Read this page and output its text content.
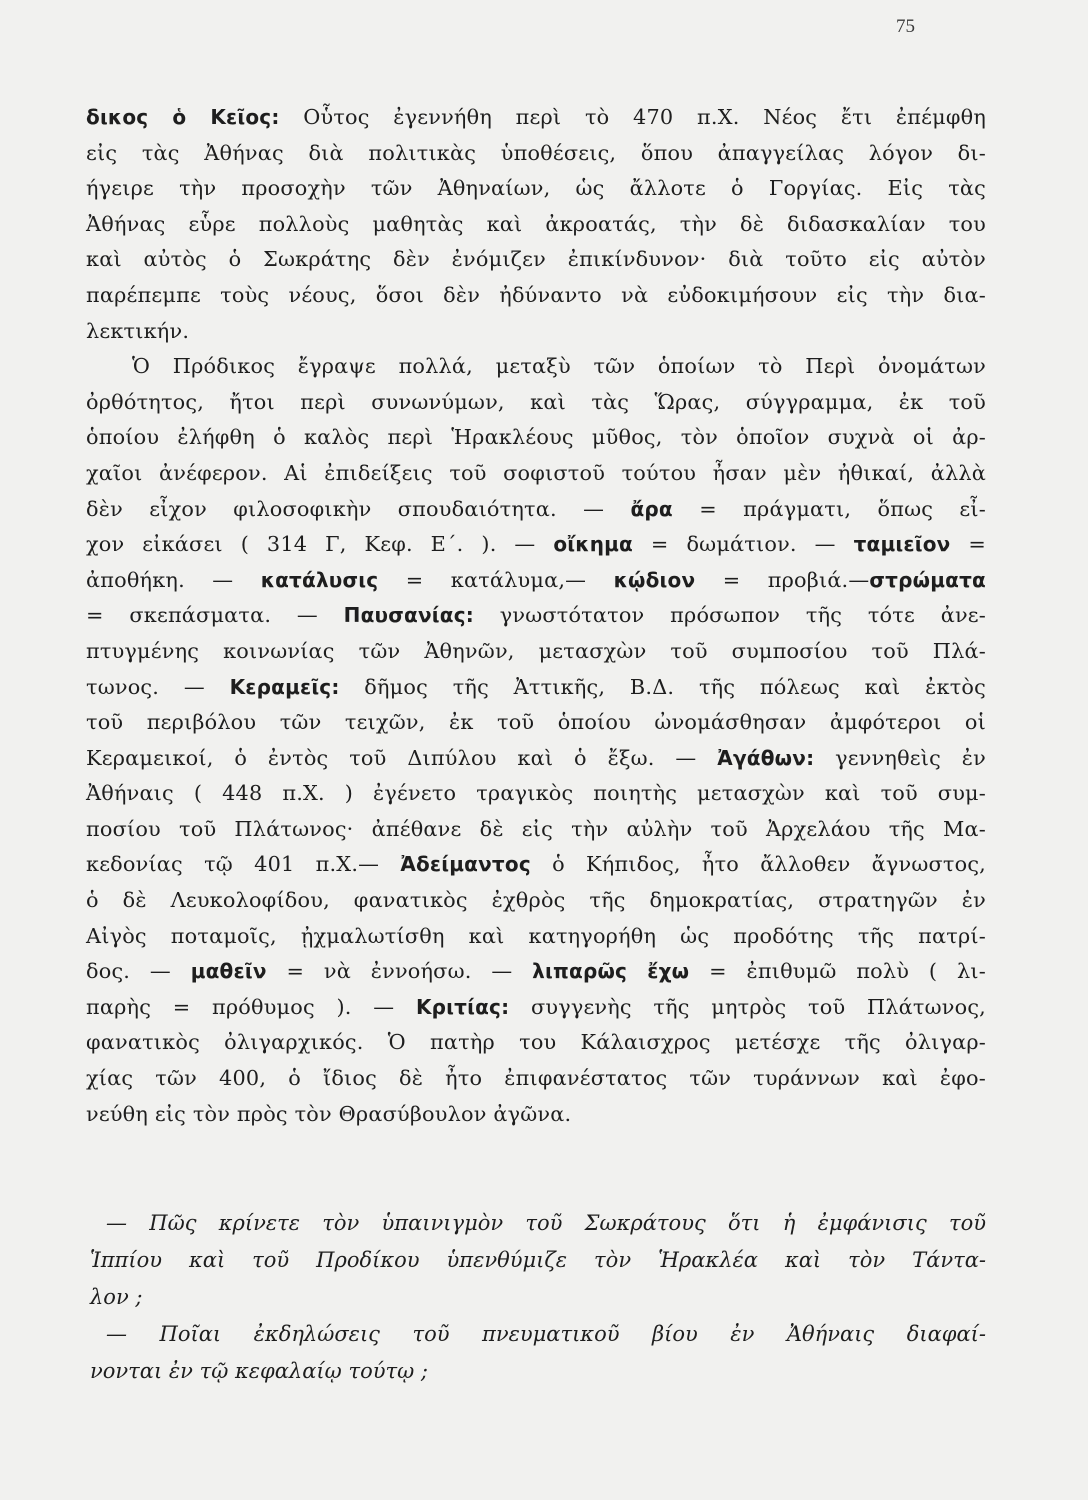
75
δικος ὁ Κεῖος: Οὗτος ἐγεννήθη περὶ τὸ 470 π.Χ. Νέος ἔτι ἐπέμφθη
εἰς τὰς Ἀθήνας διὰ πολιτικὰς ὑποθέσεις, ὅπου ἀπαγγείλας λόγον δι-
ήγειρε τὴν προσοχὴν τῶν Ἀθηναίων, ὡς ἄλλοτε ὁ Γοργίας. Εἰς τὰς
Ἀθήνας εὗρε πολλοὺς μαθητὰς καὶ ἀκροατάς, τὴν δὲ διδασκαλίαν του
καὶ αὐτὸς ὁ Σωκράτης δὲν ἐνόμιζεν ἐπικίνδυνον· διὰ τοῦτο εἰς αὐτὸν
παρέπεμπε τοὺς νέους, ὅσοι δὲν ἠδύναντο νὰ εὐδοκιμήσουν εἰς τὴν δια-
λεκτικήν.
Ὁ Πρόδικος ἔγραψε πολλά, μεταξὺ τῶν ὁποίων τὸ Περὶ ὀνομάτων
ὀρθότητος, ἤτοι περὶ συνωνύμων, καὶ τὰς Ὥρας, σύγγραμμα, ἐκ τοῦ
ὁποίου ἐλήφθη ὁ καλὸς περὶ Ἡρακλέους μῦθος, τὸν ὁποῖον συχνὰ οἱ ἀρ-
χαῖοι ἀνέφερον. Αἱ ἐπιδείξεις τοῦ σοφιστοῦ τούτου ἦσαν μὲν ἠθικαί, ἀλλὰ
δὲν εἶχον φιλοσοφικὴν σπουδαιότητα. — ἄρα = πράγματι, ὅπως εἶ-
χον εἰκάσει ( 314 Γ, Κεφ. Ε΄. ). — οἴκημα = δωμάτιον. — ταμιεῖον =
ἀποθήκη. — κατάλυσις = κατάλυμα,— κῴδιον = προβιά.—στρώματα
= σκεπάσματα. — Παυσανίας: γνωστότατον πρόσωπον τῆς τότε ἀνε-
πτυγμένης κοινωνίας τῶν Ἀθηνῶν, μετασχὼν τοῦ συμποσίου τοῦ Πλά-
τωνος. — Κεραμεῖς: δῆμος τῆς Ἀττικῆς, Β.Δ. τῆς πόλεως καὶ ἐκτὸς
τοῦ περιβόλου τῶν τειχῶν, ἐκ τοῦ ὁποίου ὠνομάσθησαν ἀμφότεροι οἱ
Κεραμεικοί, ὁ ἐντὸς τοῦ Διπύλου καὶ ὁ ἔξω. — Ἀγάθων: γεννηθεὶς ἐν
Ἀθήναις ( 448 π.Χ. ) ἐγένετο τραγικὸς ποιητὴς μετασχὼν καὶ τοῦ συμ-
ποσίου τοῦ Πλάτωνος· ἀπέθανε δὲ εἰς τὴν αὐλὴν τοῦ Ἀρχελάου τῆς Μα-
κεδονίας τῷ 401 π.Χ.— Ἀδείμαντος ὁ Κήπιδος, ἦτο ἄλλοθεν ἄγνωστος,
ὁ δὲ Λευκολοφίδου, φανατικὸς ἐχθρὸς τῆς δημοκρατίας, στρατηγῶν ἐν
Αἰγὸς ποταμοῖς, ᾐχμαλωτίσθη καὶ κατηγορήθη ὡς προδότης τῆς πατρί-
δος. — μαθεῖν = νὰ ἐννοήσω. — λιπαρῶς ἔχω = ἐπιθυμῶ πολὺ ( λι-
παρὴς = πρόθυμος ). — Κριτίας: συγγενὴς τῆς μητρὸς τοῦ Πλάτωνος,
φανατικὸς ὀλιγαρχικός. Ὁ πατὴρ του Κάλαισχρος μετέσχε τῆς ὀλιγαρ-
χίας τῶν 400, ὁ ἴδιος δὲ ἦτο ἐπιφανέστατος τῶν τυράννων καὶ ἐφο-
νεύθη εἰς τὸν πρὸς τὸν Θρασύβουλον ἀγῶνα.
— Πῶς κρίνετε τὸν ὑπαινιγμὸν τοῦ Σωκράτους ὅτι ἡ ἐμφάνισις τοῦ
Ἱππίου καὶ τοῦ Προδίκου ὑπενθύμιζε τὸν Ἡρακλέα καὶ τὸν Τάντα-
λον ;
— Ποῖαι ἐκδηλώσεις τοῦ πνευματικοῦ βίου ἐν Ἀθήναις διαφαί-
νονται ἐν τῷ κεφαλαίῳ τούτῳ ;
